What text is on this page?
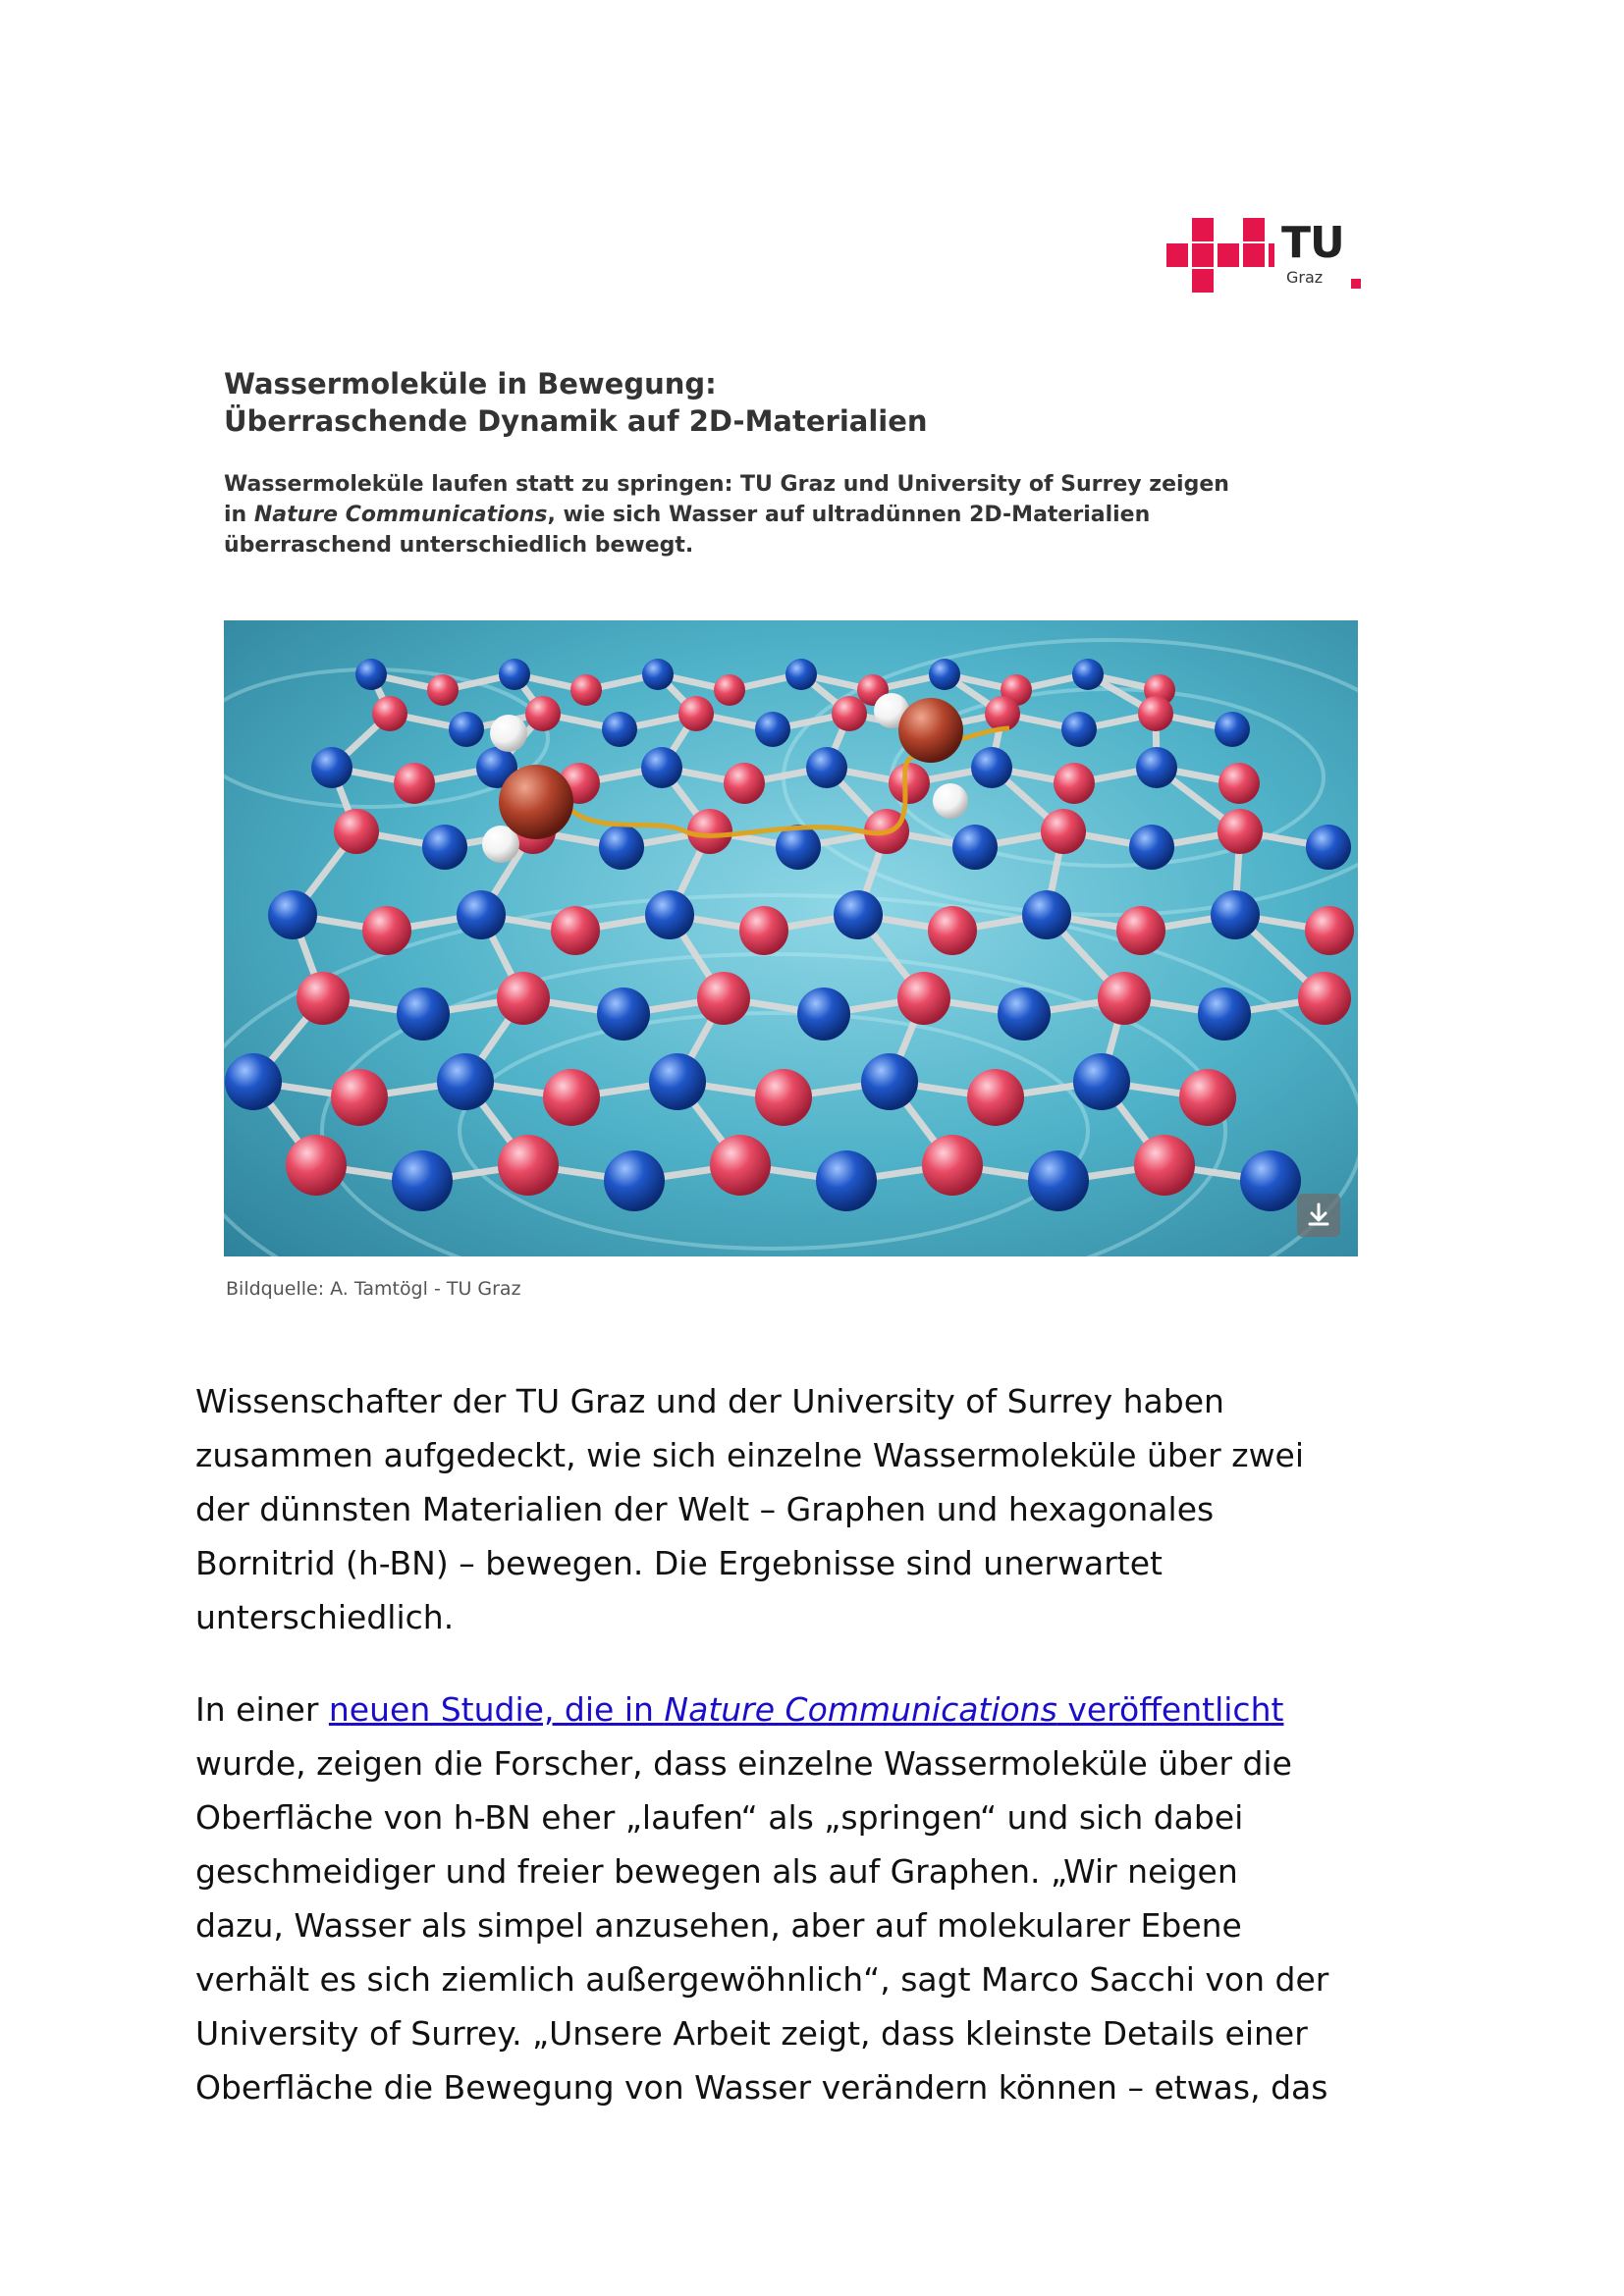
TU
Graz
Wassermoleküle in Bewegung:
Überraschende Dynamik auf 2D-Materialien
Wassermoleküle laufen statt zu springen: TU Graz und University of Surrey zeigen
in Nature Communications, wie sich Wasser auf ultradünnen 2D-Materialien
überraschend unterschiedlich bewegt.
Bildquelle: A. Tamtögl - TU Graz
Wissenschafter der TU Graz und der University of Surrey haben
zusammen aufgedeckt, wie sich einzelne Wassermoleküle über zwei
der dünnsten Materialien der Welt – Graphen und hexagonales
Bornitrid (h-BN) – bewegen. Die Ergebnisse sind unerwartet
unterschiedlich.
In einer neuen Studie, die in Nature Communications veröffentlicht
wurde, zeigen die Forscher, dass einzelne Wassermoleküle über die
Oberfläche von h-BN eher „laufen“ als „springen“ und sich dabei
geschmeidiger und freier bewegen als auf Graphen. „Wir neigen
dazu, Wasser als simpel anzusehen, aber auf molekularer Ebene
verhält es sich ziemlich außergewöhnlich“, sagt Marco Sacchi von der
University of Surrey. „Unsere Arbeit zeigt, dass kleinste Details einer
Oberfläche die Bewegung von Wasser verändern können – etwas, das
